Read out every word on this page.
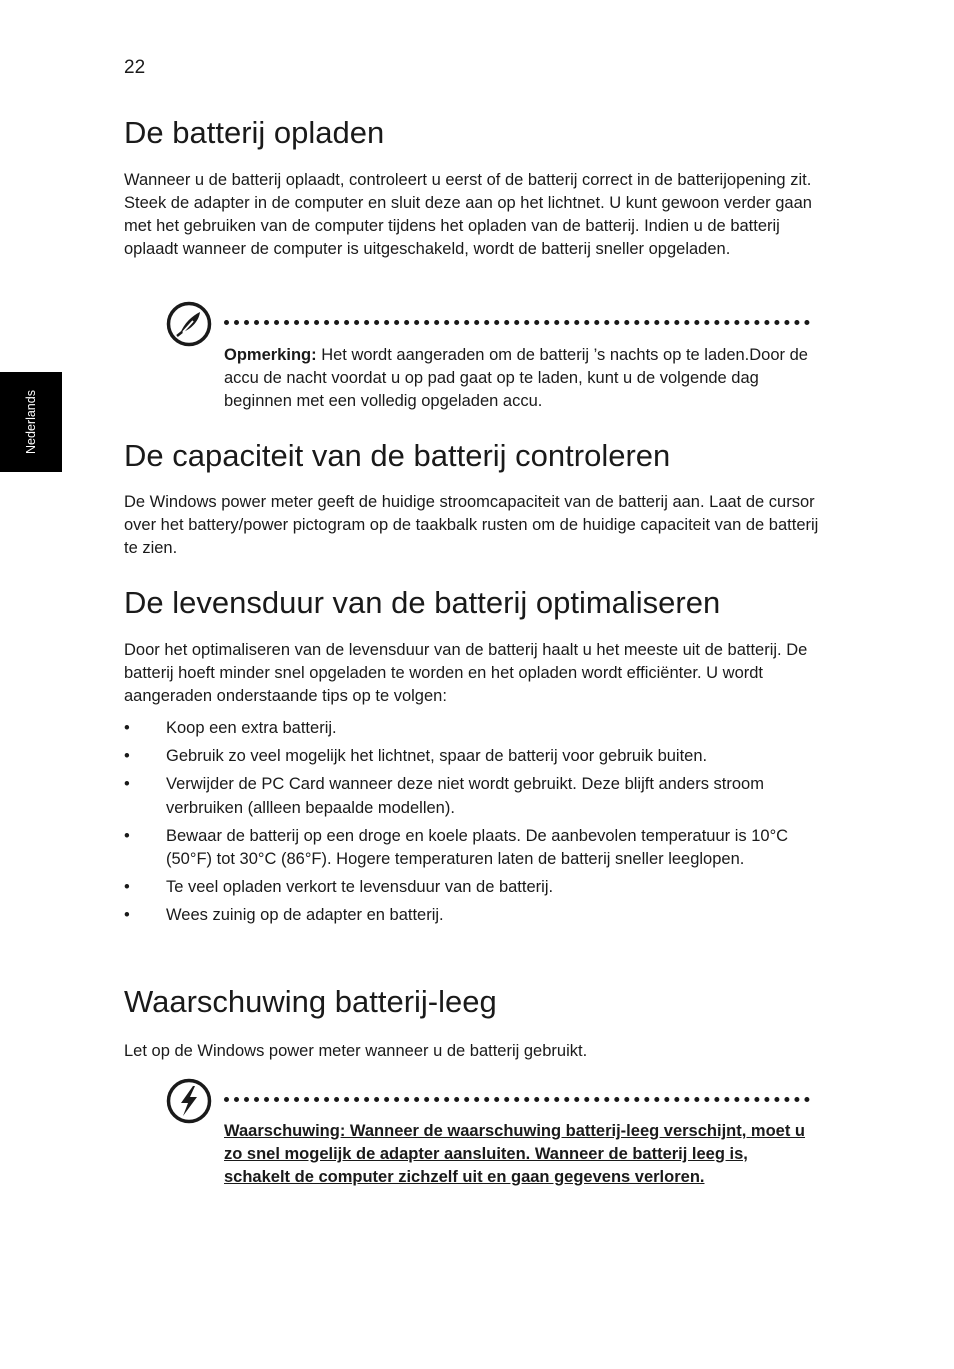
22
Nederlands
De batterij opladen

Wanneer u de batterij oplaadt, controleert u eerst of de batterij correct in de batterijopening zit. Steek de adapter in de computer en sluit deze aan op het lichtnet. U kunt gewoon verder gaan met het gebruiken van de computer tijdens het opladen van de batterij. Indien u de batterij oplaadt wanneer de computer is uitgeschakeld, wordt de batterij sneller opgeladen.

Opmerking: Het wordt aangeraden om de batterij ’s nachts op te laden.Door de accu de nacht voordat u op pad gaat op te laden, kunt u de volgende dag beginnen met een volledig opgeladen accu.

De capaciteit van de batterij controleren

De Windows power meter geeft de huidige stroomcapaciteit van de batterij aan. Laat de cursor over het battery/power pictogram op de taakbalk rusten om de huidige capaciteit van de batterij te zien.

De levensduur van de batterij optimaliseren

Door het optimaliseren van de levensduur van de batterij haalt u het meeste uit de batterij. De batterij hoeft minder snel opgeladen te worden en het opladen wordt efficiënter. U wordt aangeraden onderstaande tips op te volgen:

• Koop een extra batterij.
• Gebruik zo veel mogelijk het lichtnet, spaar de batterij voor gebruik buiten.
• Verwijder de PC Card wanneer deze niet wordt gebruikt. Deze blijft anders stroom verbruiken (allleen bepaalde modellen).
• Bewaar de batterij op een droge en koele plaats. De aanbevolen temperatuur is 10°C (50°F) tot 30°C (86°F). Hogere temperaturen laten de batterij sneller leeglopen.
• Te veel opladen verkort te levensduur van de batterij.
• Wees zuinig op de adapter en batterij.
Waarschuwing batterij-leeg

Let op de Windows power meter wanneer u de batterij gebruikt.

Waarschuwing: Wanneer de waarschuwing batterij-leeg verschijnt, moet u zo snel mogelijk de adapter aansluiten. Wanneer de batterij leeg is, schakelt de computer zichzelf uit en gaan gegevens verloren.
